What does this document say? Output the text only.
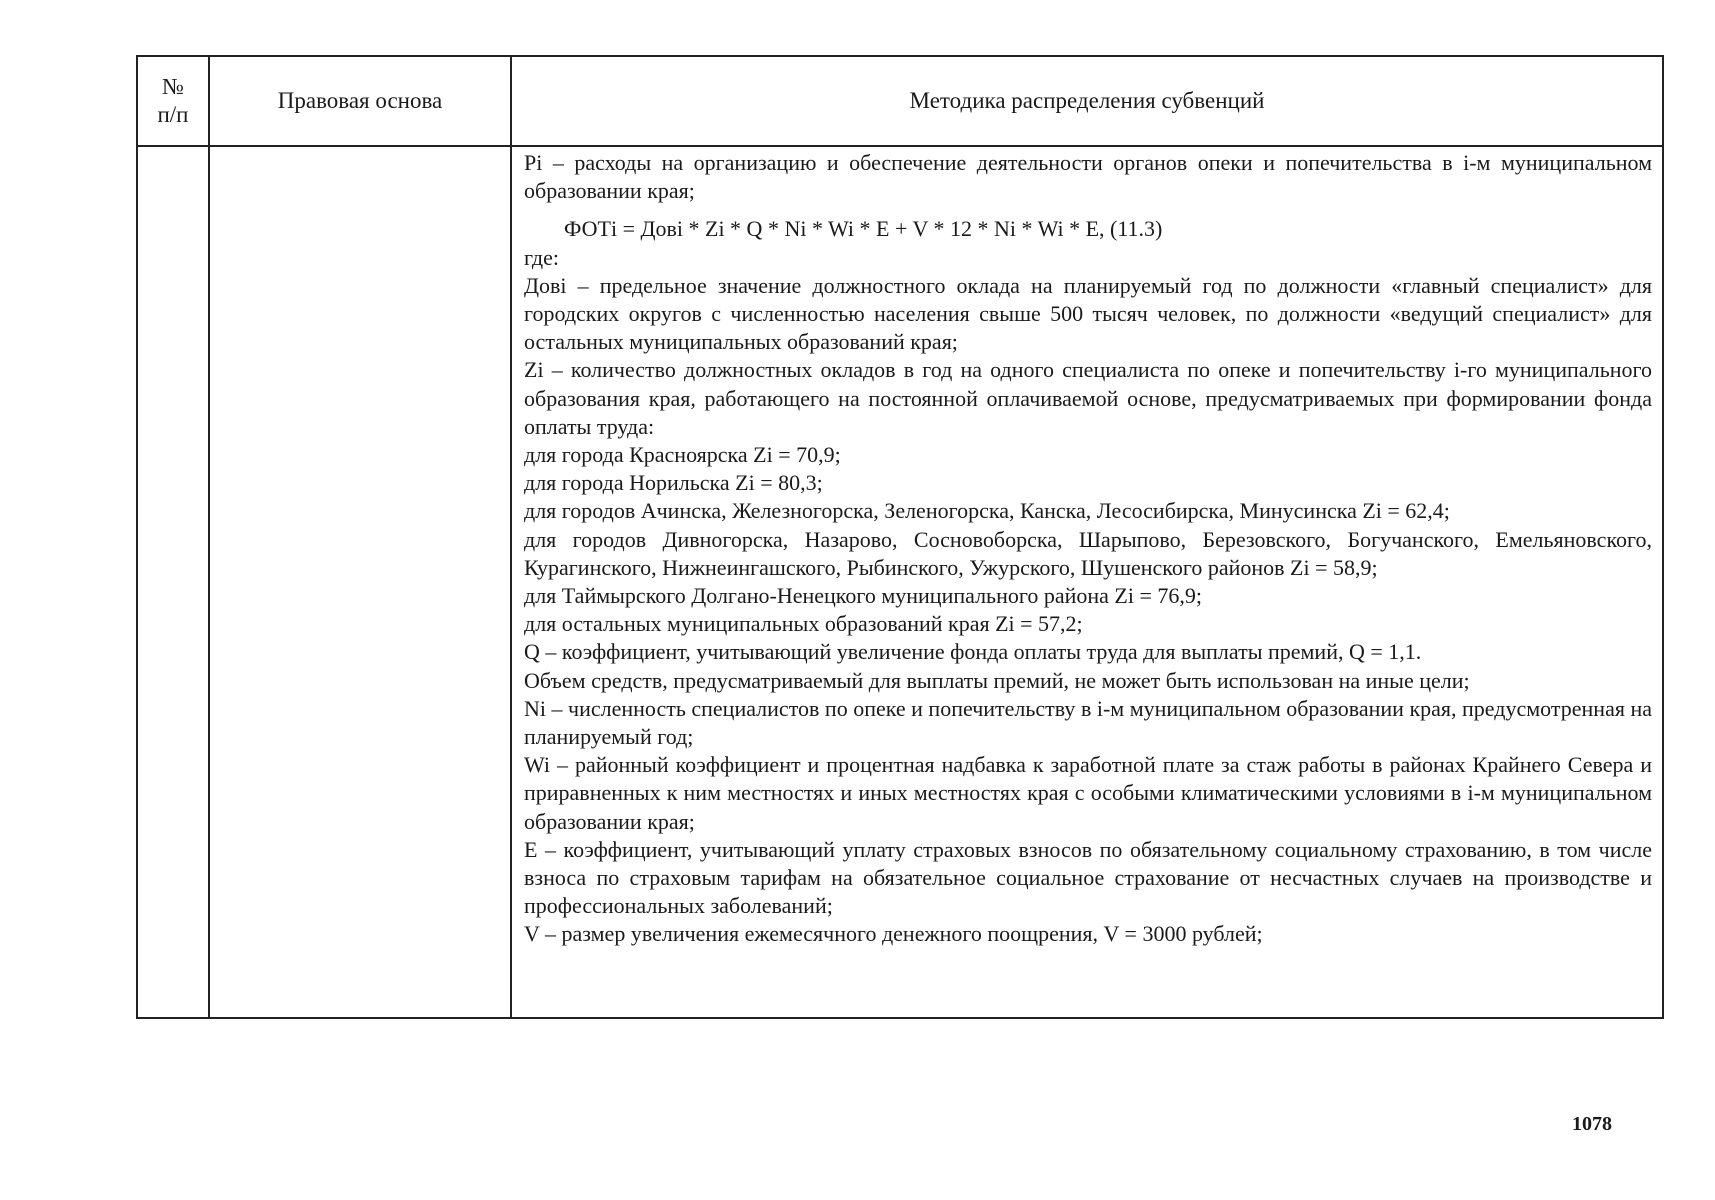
№
п/п
Правовая основа	Методика распределения субвенций

Pi – расходы на организацию и обеспечение деятельности органов опеки и попечительства в i-м муниципальном образовании края;

ФОТi = Дові * Zi * Q * Ni * Wi * E + V * 12 * Ni * Wi * E, (11.3)

где:

Дові – предельное значение должностного оклада на планируемый год по должности «главный специалист» для городских округов с численностью населения свыше 500 тысяч человек, по должности «ведущий специалист» для остальных муниципальных образований края;

Zi – количество должностных окладов в год на одного специалиста по опеке и попечительству i-го муниципального образования края, работающего на постоянной оплачиваемой основе, предусматриваемых при формировании фонда оплаты труда:

для города Красноярска Zi = 70,9;

для города Норильска Zi = 80,3;

для городов Ачинска, Железногорска, Зеленогорска, Канска, Лесосибирска, Минусинска Zi = 62,4;

для городов Дивногорска, Назарово, Сосновоборска, Шарыпово, Березовского, Богучанского, Емельяновского, Курагинского, Нижнеингашского, Рыбинского, Ужурского, Шушенского районов Zi = 58,9;

для Таймырского Долгано-Ненецкого муниципального района Zi = 76,9;

для остальных муниципальных образований края Zi = 57,2;

Q – коэффициент, учитывающий увеличение фонда оплаты труда для выплаты премий, Q = 1,1.

Объем средств, предусматриваемый для выплаты премий, не может быть использован на иные цели;

Ni – численность специалистов по опеке и попечительству в i-м муниципальном образовании края, предусмотренная на планируемый год;

Wi – районный коэффициент и процентная надбавка к заработной плате за стаж работы в районах Крайнего Севера и приравненных к ним местностях и иных местностях края с особыми климатическими условиями в i-м муниципальном образовании края;

E – коэффициент, учитывающий уплату страховых взносов по обязательному социальному страхованию, в том числе взноса по страховым тарифам на обязательное социальное страхование от несчастных случаев на производстве и профессиональных заболеваний;

V – размер увеличения ежемесячного денежного поощрения, V = 3000 рублей;

1078
